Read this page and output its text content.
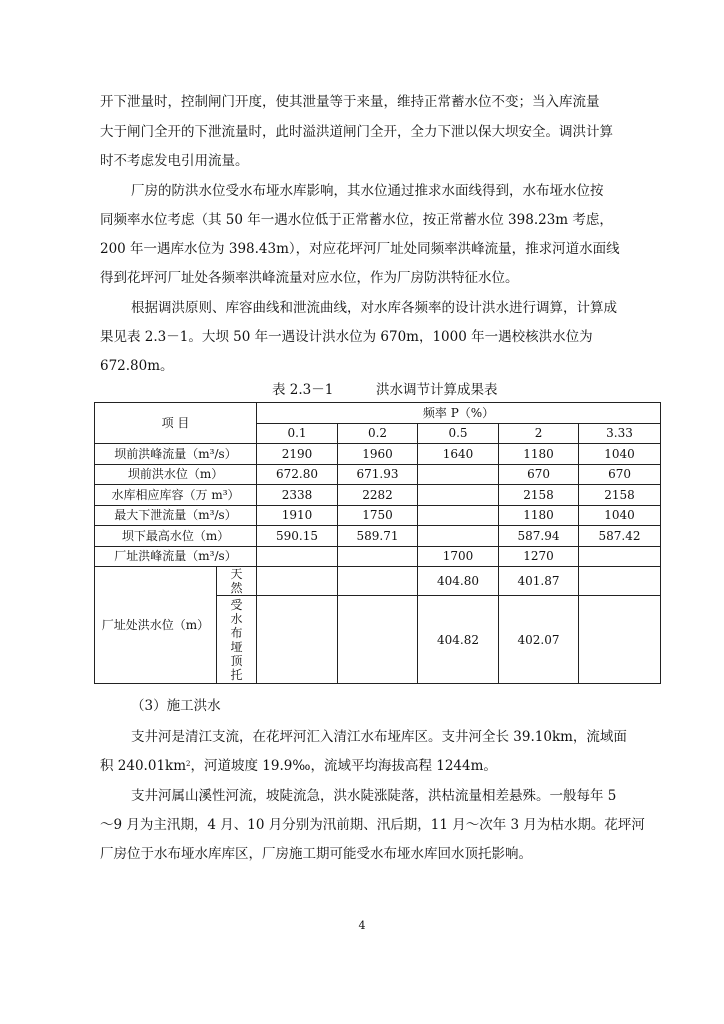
开下泄量时，控制闸门开度，使其泄量等于来量，维持正常蓄水位不变；当入库流量
大于闸门全开的下泄流量时，此时溢洪道闸门全开，全力下泄以保大坝安全。调洪计算
时不考虑发电引用流量。
厂房的防洪水位受水布垭水库影响，其水位通过推求水面线得到，水布垭水位按
同频率水位考虑（其 50 年一遇水位低于正常蓄水位，按正常蓄水位 398.23m 考虑，
200 年一遇库水位为 398.43m），对应花坪河厂址处同频率洪峰流量，推求河道水面线
得到花坪河厂址处各频率洪峰流量对应水位，作为厂房防洪特征水位。
根据调洪原则、库容曲线和泄流曲线，对水库各频率的设计洪水进行调算，计算成
果见表 2.3－1。大坝 50 年一遇设计洪水位为 670m，1000 年一遇校核洪水位为
672.80m。
表 2.3－1	洪水调节计算成果表
项 目		频率 P（%）				
		0.1	0.2	0.5	2	3.33
坝前洪峰流量（m³/s）		2190	1960	1640	1180	1040
坝前洪水位（m）		672.80	671.93		670	670
水库相应库容（万 m³）		2338	2282		2158	2158
最大下泄流量（m³/s）		1910	1750		1180	1040
坝下最高水位（m）		590.15	589.71		587.94	587.42
厂址洪峰流量（m³/s）				1700	1270	
厂址处洪水位（m）	天然			404.80	401.87	
	受水布垭顶托			404.82	402.07	
（3）施工洪水
支井河是清江支流，在花坪河汇入清江水布垭库区。支井河全长 39.10km，流域面
积 $240.01km^2$，河道坡度 19.9‰，流域平均海拔高程 1244m。
支井河属山溪性河流，坡陡流急，洪水陡涨陡落，洪枯流量相差悬殊。一般每年 5
～9 月为主汛期，4 月、10 月分别为汛前期、汛后期，11 月～次年 3 月为枯水期。花坪河
厂房位于水布垭水库库区，厂房施工期可能受水布垭水库回水顶托影响。
4
